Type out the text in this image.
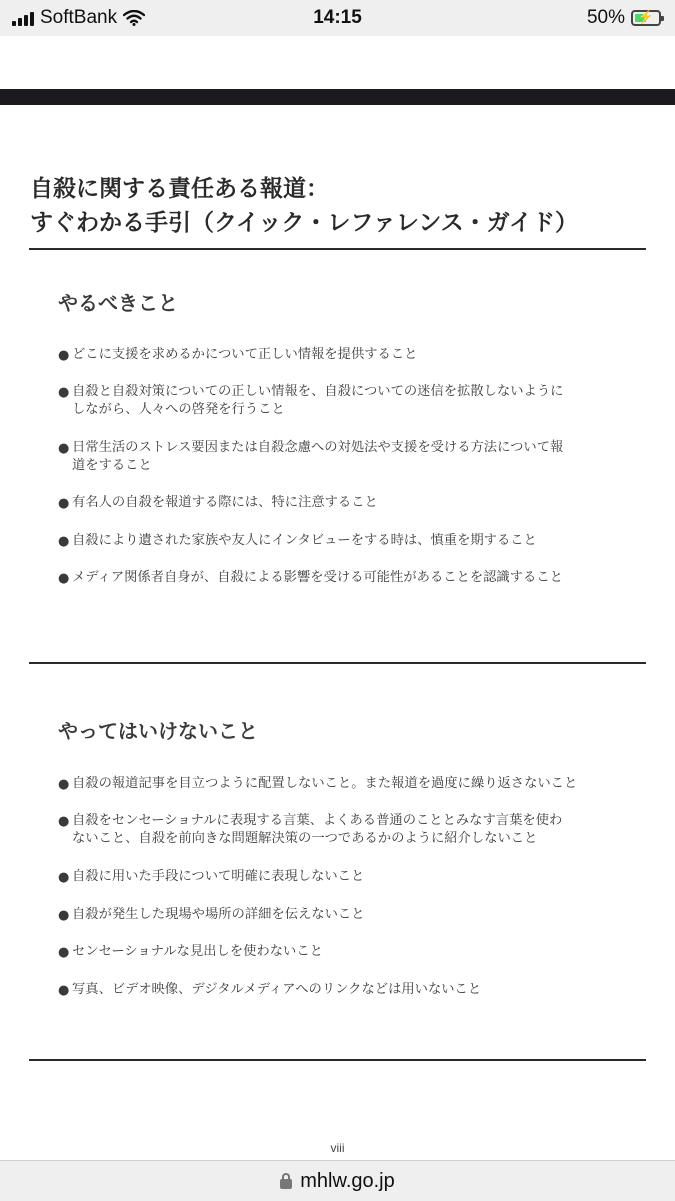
SoftBank	14:15	50% ⚡
自殺に関する責任ある報道：
すぐわかる手引（クイック・レファレンス・ガイド）
やるべきこと
● どこに支援を求めるかについて正しい情報を提供すること
● 自殺と自殺対策についての正しい情報を、自殺についての迷信を拡散しないように
しながら、人々への啓発を行うこと
● 日常生活のストレス要因または自殺念慮への対処法や支援を受ける方法について報
道をすること
● 有名人の自殺を報道する際には、特に注意すること
● 自殺により遺された家族や友人にインタビューをする時は、慎重を期すること
● メディア関係者自身が、自殺による影響を受ける可能性があることを認識すること
やってはいけないこと
● 自殺の報道記事を目立つように配置しないこと。また報道を過度に繰り返さないこと
● 自殺をセンセーショナルに表現する言葉、よくある普通のこととみなす言葉を使わ
ないこと、自殺を前向きな問題解決策の一つであるかのように紹介しないこと
● 自殺に用いた手段について明確に表現しないこと
● 自殺が発生した現場や場所の詳細を伝えないこと
● センセーショナルな見出しを使わないこと
● 写真、ビデオ映像、デジタルメディアへのリンクなどは用いないこと
viii
mhlw.go.jp
